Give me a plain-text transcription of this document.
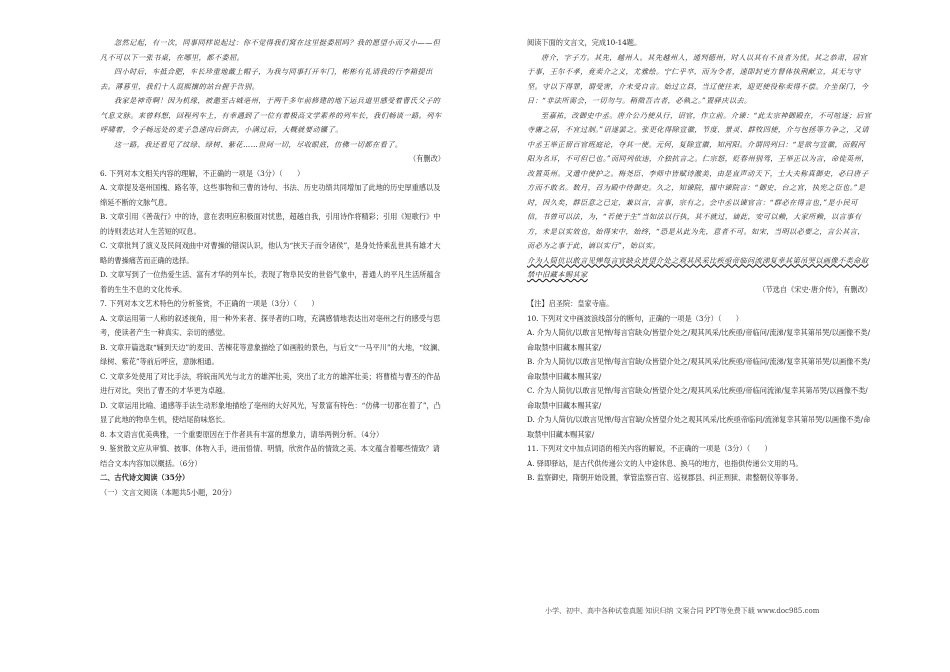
忽然记起，有一次，同事同样说起过：你不觉得我们窝在这里挺委屈吗？我的愿望小而又小——但凡不可以下一张书桌，在哪里，都不委屈。

四小时后，车抵合肥，车长珍重地戴上帽子，为我与同事打开车门，彬彬有礼请我的行李箱提出去。薄暮里，我们十人混熙攘的站台握手告别。

我家是神奇啊！因为机缘，被邀至古城亳州，于两千多年前修建的地下运兵道里感受着曹氏父子的气息文脉。来曾料想，回程列车上，有幸遇到了一位有着极高文学素养的列车长，我们畅谈一路。列车呼啸着，令子畅远处的麦子急速向后倒去，小满过后，大概就要动镰了。

这一路，我还看见了纹绿、绿树、紫花……世间一切，尽收眼底，仿佛一切都在看了。

（有删改）

6. 下列对本文相关内容的理解，不正确的一项是（3分）（　　）

A. 文章提及亳州国槐、路名等，这些事物和三曹的诗句、书法、历史功绩共同增加了此地的历史厚重感以及绵延不断的文脉气息。

B. 文章引用《善哉行》中的诗，意在表明应积极面对忧患，超越自我，引用诗作将精彩；引用《短歌行》中的诗则表达对人生苦短的叹息。

C. 文章批判了演义及民间戏曲中对曹操的错误认识，他认为“挟天子而令诸侯”，是身处恃乘乱世具有雄才大略的曹操痛苦而正确的选择。

D. 文章写到了一位热爱生活、富有才华的列车长，表现了物阜民安的世俗气象中，普通人的平凡生活所蕴含着的生生不息的文化传承。

7. 下列对本文艺术特色的分析鉴赏，不正确的一项是（3分）（　　）

A. 文章运用第一人称的叙述视角，用一种外来者、探寻者的口吻，充满感情地表达出对亳州之行的感受与思考，使读者产生一种真实、亲切的感觉。

B. 文章开篇选取“辅到天边”的麦田、苦楝花等意象描绘了如画般的景色，与后文“一马平川”的大地，“纹澜、绿树、紫花”等前后呼应，意脉相通。

C. 文章多处使用了对比手法，将皖南风光与北方的雄浑壮美，突出了北方的雄浑壮美；将曹植与曹丕的作品进行对比，突出了曹丕的才华更为卓越。

D. 文章运用比喻、通感等手法生动形象地描绘了亳州的大好风光，写景富有特色：“仿佛一切都在着了”，凸显了此地的物阜生机，使结尾韵味悠长。

8. 本文语言优美典雅，一个重要原因在于作者具有丰富的想象力，请举两例分析。（4分）

9. 鉴赏散文应从审慎、披事、体物入手，进而悟情、明情，欣赏作品的情致之美。本文蕴含着哪些情致？请结合文本内容加以概括。（6分）

二、古代诗文阅读（35分）

（一）文言文阅读（本题共5小题，20分）

阅读下面的文言文，完成10-14题。

唐介，字子方。其先，越州人。其先越州人，通判德州，时人以其有不良者为忧。其之恭肃，居官于事，王尔不孝，竟卖介之义，尤雅绘。宁仁乎卒，而为令者，速即封吏方督体执荆献立，其无与守坚。守以下得罪，谓受害，介未受自言。始过立县，当辽使往来，迎更使役称卖得不偿。介坐保门，今日：“非法所需会，一切勿与。稍徵吾吉者，必執之。”置驿庆以去。

至嘉祐，改御史中丞。唐介公乃使从行，诏官，作立前。介谏：“此太宗神御殿在，不可喧逐；后官寺庸之居，不宜过制。”诏遂罢之。张更化得除宣徽，节度、景灵、群牧四使，介与包拯等力争之，又请中丞王举正留百官班庭论，夺其一使。元何，复除宣徽，知河阳。介谓同列曰：“是欲与宣徽，而假河阳为名耳，不可但已也。”而同列依违，介独抗言之。仁宗怒，贬春州别驾，王举正以为言，命徙英州，改置英州。又遣中使护之。梅尧臣、李师中皆赋诗激美，由是直声动天下，士大夫称真御史，必曰唐子方而不敢名。数月，召为殿中侍御史。久之，知谏院，擢中谏院言：“御史，台之官，执宪之臣也。”是时，因久矣，群臣意之已定，兼以言，言事，宗有之。会中丞以谏官言：“群必在得言也，”是小民可信，书曾可以法，为，“若使于生”当如法以行执，其不就过，谪此，安可以赖，大家所赖，以言事有方，未是以实效也，始得宋中，始终，“恐是从此为先，意者不可。如宋，当明以必要之，言公其言，而必为之事于此，谪以实行”，始以实。

介为人简伉以敢言见惮每言官缺众皆望介处之观其风采比疾亟帝临问流涕复幸其第吊哭以画像不类命取禁中旧藏本赐其家

（节选自《宋史·唐介传》，有删改）

【注】启圣院：皇家寺庙。

10. 下列对文中画波浪线部分的断句，正确的一项是（3分）（　　）

A. 介为人简伉/以敢言见惮/每言官缺众/皆望介处之/观其风采/比疾亟/帝临问/流涕/复幸其第吊哭/以画像不类/命取禁中旧藏本赐其家/

B. 介为人简伉/以敢言见惮/每言官缺/众皆望介处之/观其风采/比疾亟/帝临问/流涕/复幸其第吊哭/以画像不类/命取禁中旧藏本赐其家/

C. 介为人简伉/以敢言见惮/每言官缺众/皆望介处之/观其风采/比疾亟/帝临问流涕/复幸其第吊哭/以画像不类/命取禁中旧藏本赐其家/

D. 介为人简伉/以敢言见惮/每言官缺/众皆望介处之观其风采/比疾亟帝临问/流涕复幸其第吊哭/以画像不类/命取禁中旧藏本赐其家/

11. 下列对文中加点词语的相关内容的解说，不正确的一项是（3分）（　　）

A. 驿即驿站，是古代供传递公文的人中途休息、换马的地方，也指供传递公文用的马。

B. 监察御史，隋朝开始设置，掌管监察百官、巡视郡县、纠正刑狱、肃整朝仪等事务。

小学、初中、高中各种试卷真题 知识归纳 文案合同 PPT等免费下载 www.doc985.com
